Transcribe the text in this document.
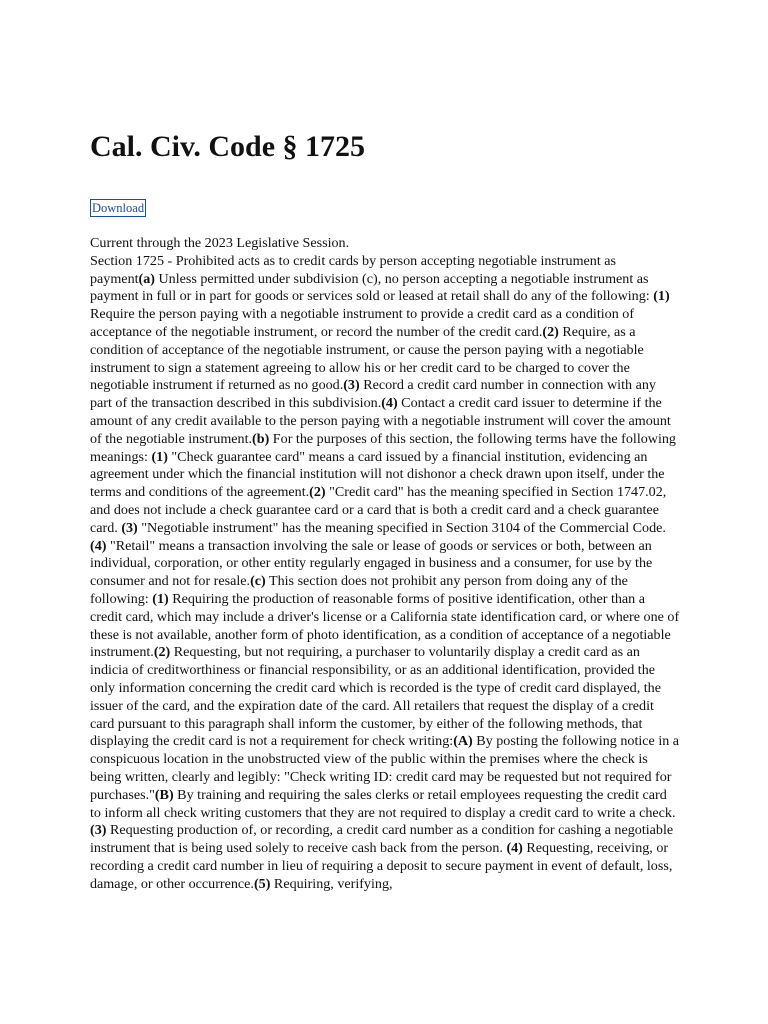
Cal. Civ. Code § 1725
Download

Current through the 2023 Legislative Session.

Section 1725 - Prohibited acts as to credit cards by person accepting negotiable instrument as payment(a) Unless permitted under subdivision (c), no person accepting a negotiable instrument as payment in full or in part for goods or services sold or leased at retail shall do any of the following: (1) Require the person paying with a negotiable instrument to provide a credit card as a condition of acceptance of the negotiable instrument, or record the number of the credit card.(2) Require, as a condition of acceptance of the negotiable instrument, or cause the person paying with a negotiable instrument to sign a statement agreeing to allow his or her credit card to be charged to cover the negotiable instrument if returned as no good.(3) Record a credit card number in connection with any part of the transaction described in this subdivision.(4) Contact a credit card issuer to determine if the amount of any credit available to the person paying with a negotiable instrument will cover the amount of the negotiable instrument.(b) For the purposes of this section, the following terms have the following meanings: (1) "Check guarantee card" means a card issued by a financial institution, evidencing an agreement under which the financial institution will not dishonor a check drawn upon itself, under the terms and conditions of the agreement.(2) "Credit card" has the meaning specified in Section 1747.02, and does not include a check guarantee card or a card that is both a credit card and a check guarantee card. (3) "Negotiable instrument" has the meaning specified in Section 3104 of the Commercial Code. (4) "Retail" means a transaction involving the sale or lease of goods or services or both, between an individual, corporation, or other entity regularly engaged in business and a consumer, for use by the consumer and not for resale.(c) This section does not prohibit any person from doing any of the following: (1) Requiring the production of reasonable forms of positive identification, other than a credit card, which may include a driver's license or a California state identification card, or where one of these is not available, another form of photo identification, as a condition of acceptance of a negotiable instrument.(2) Requesting, but not requiring, a purchaser to voluntarily display a credit card as an indicia of creditworthiness or financial responsibility, or as an additional identification, provided the only information concerning the credit card which is recorded is the type of credit card displayed, the issuer of the card, and the expiration date of the card. All retailers that request the display of a credit card pursuant to this paragraph shall inform the customer, by either of the following methods, that displaying the credit card is not a requirement for check writing:(A) By posting the following notice in a conspicuous location in the unobstructed view of the public within the premises where the check is being written, clearly and legibly: "Check writing ID: credit card may be requested but not required for purchases."(B) By training and requiring the sales clerks or retail employees requesting the credit card to inform all check writing customers that they are not required to display a credit card to write a check.(3) Requesting production of, or recording, a credit card number as a condition for cashing a negotiable instrument that is being used solely to receive cash back from the person. (4) Requesting, receiving, or recording a credit card number in lieu of requiring a deposit to secure payment in event of default, loss, damage, or other occurrence.(5) Requiring, verifying,
